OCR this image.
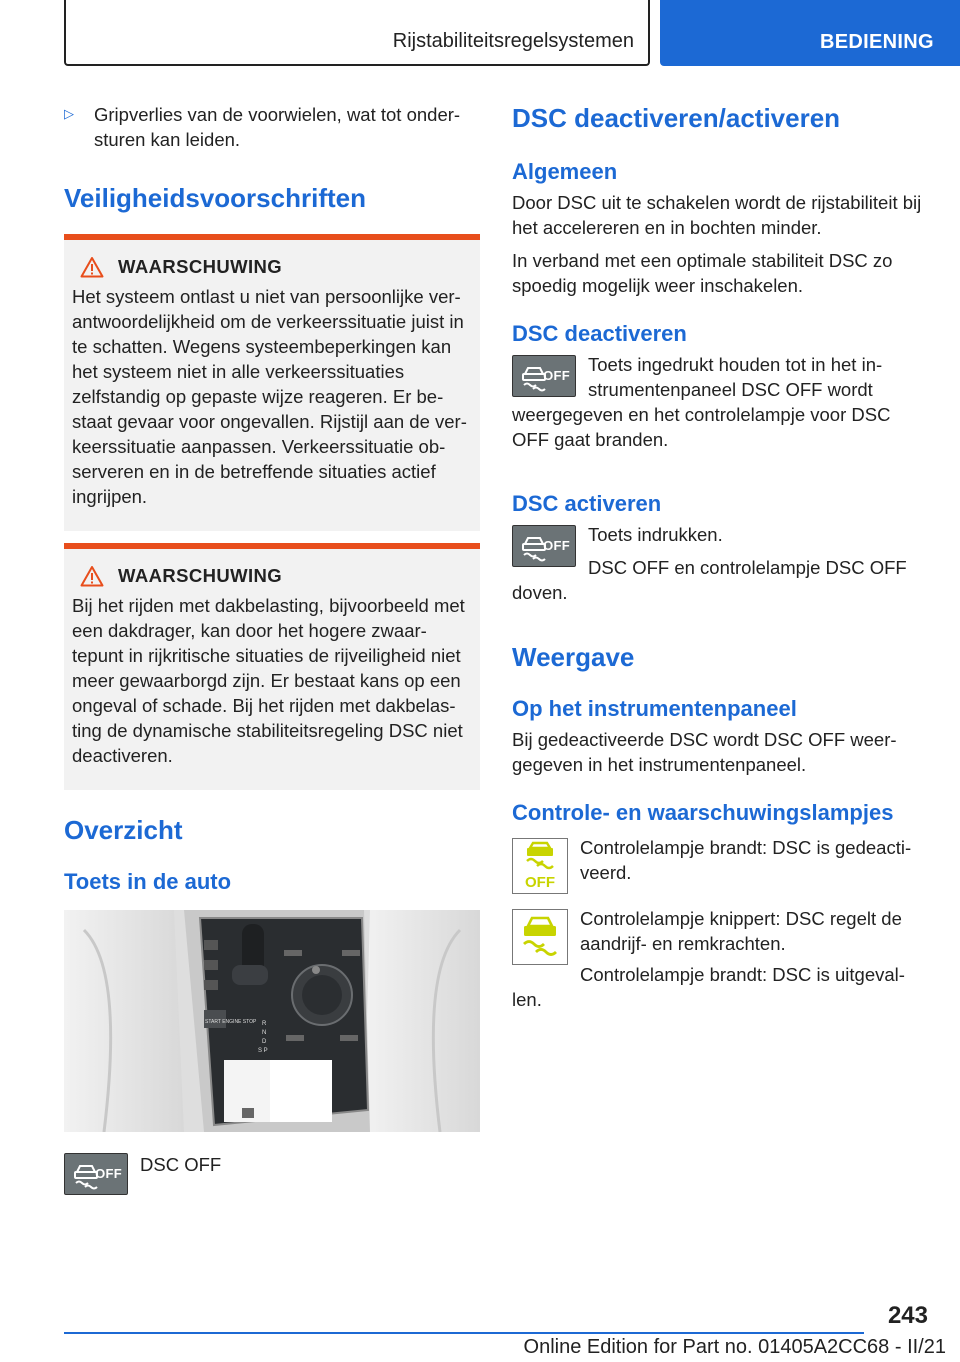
Rijstabiliteitsregelsystemen	BEDIENING
▷	Gripverlies van de voorwielen, wat tot onder-sturen kan leiden.

Veiligheidsvoorschriften
WAARSCHUWING

Het systeem ontlast u niet van persoonlijke ver-antwoordelijkheid om de verkeerssituatie juist in te schatten. Wegens systeembeperkingen kan het systeem niet in alle verkeerssituaties zelfstandig op gepaste wijze reageren. Er be-staat gevaar voor ongevallen. Rijstijl aan de ver-keerssituatie aanpassen. Verkeerssituatie ob-serveren en in de betreffende situaties actief ingrijpen.

WAARSCHUWING

Bij het rijden met dakbelasting, bijvoorbeeld met een dakdrager, kan door het hogere zwaar-tepunt in rijkritische situaties de rijveiligheid niet meer gewaarborgd zijn. Er bestaat kans op een ongeval of schade. Bij het rijden met dakbelas-ting de dynamische stabiliteitsregeling DSC niet deactiveren.

Overzicht
Toets in de auto
START ENGINE STOP R
N
D
S P
OFF DSC OFF

DSC deactiveren/activeren
Algemeen

Door DSC uit te schakelen wordt de rijstabiliteit bij het accelereren en in bochten minder.

In verband met een optimale stabiliteit DSC zo spoedig mogelijk weer inschakelen.

DSC deactiveren
OFF

Toets ingedrukt houden tot in het in-strumentenpaneel DSC OFF wordt weergegeven en het controlelampje voor DSC OFF gaat branden.

DSC activeren
OFF

Toets indrukken.

DSC OFF en controlelampje DSC OFF doven.

Weergave
Op het instrumentenpaneel

Bij gedeactiveerde DSC wordt DSC OFF weer-gegeven in het instrumentenpaneel.

Controle- en waarschuwingslampjes
OFF

Controlelampje brandt: DSC is gedeacti-veerd.

Controlelampje knippert: DSC regelt de aandrijf- en remkrachten.

Controlelampje brandt: DSC is uitgeval-len.

243
Online Edition for Part no. 01405A2CC68 - II/21
